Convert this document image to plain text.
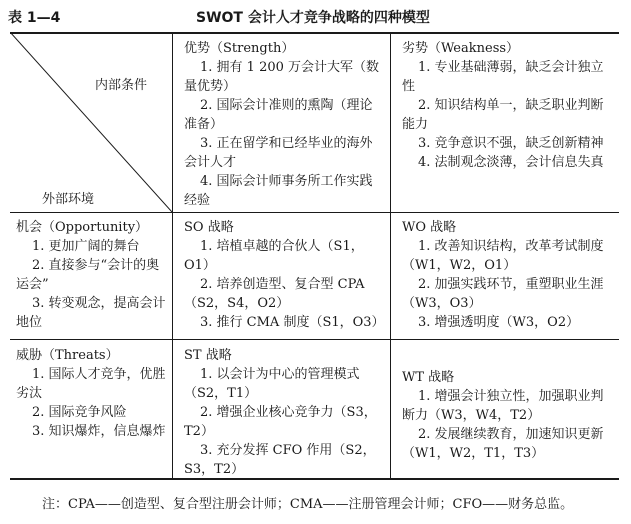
表 1—4	SWOT 会计人才竞争战略的四种模型
内部条件
外部环境
优势（Strength）
1. 拥有 1 200 万会计大军（数量优势）
2. 国际会计准则的熏陶（理论准备）
3. 正在留学和已经毕业的海外会计人才
4. 国际会计师事务所工作实践经验
劣势（Weakness）
1. 专业基础薄弱，缺乏会计独立性
2. 知识结构单一，缺乏职业判断能力
3. 竞争意识不强，缺乏创新精神
4. 法制观念淡薄，会计信息失真
机会（Opportunity）
1. 更加广阔的舞台
2. 直接参与“会计的奥运会”
3. 转变观念，提高会计地位
SO 战略
1. 培植卓越的合伙人（S1，O1）
2. 培养创造型、复合型 CPA（S2，S4，O2）
3. 推行 CMA 制度（S1，O3）
WO 战略
1. 改善知识结构，改革考试制度（W1，W2，O1）
2. 加强实践环节，重塑职业生涯（W3，O3）
3. 增强透明度（W3，O2）
威胁（Threats）
1. 国际人才竞争，优胜劣汰
2. 国际竞争风险
3. 知识爆炸，信息爆炸
ST 战略
1. 以会计为中心的管理模式（S2，T1）
2. 增强企业核心竞争力（S3，T2）
3. 充分发挥 CFO 作用（S2，S3，T2）
WT 战略
1. 增强会计独立性，加强职业判断力（W3，W4，T2）
2. 发展继续教育，加速知识更新（W1，W2，T1，T3）
注：CPA——创造型、复合型注册会计师；CMA——注册管理会计师；CFO——财务总监。
